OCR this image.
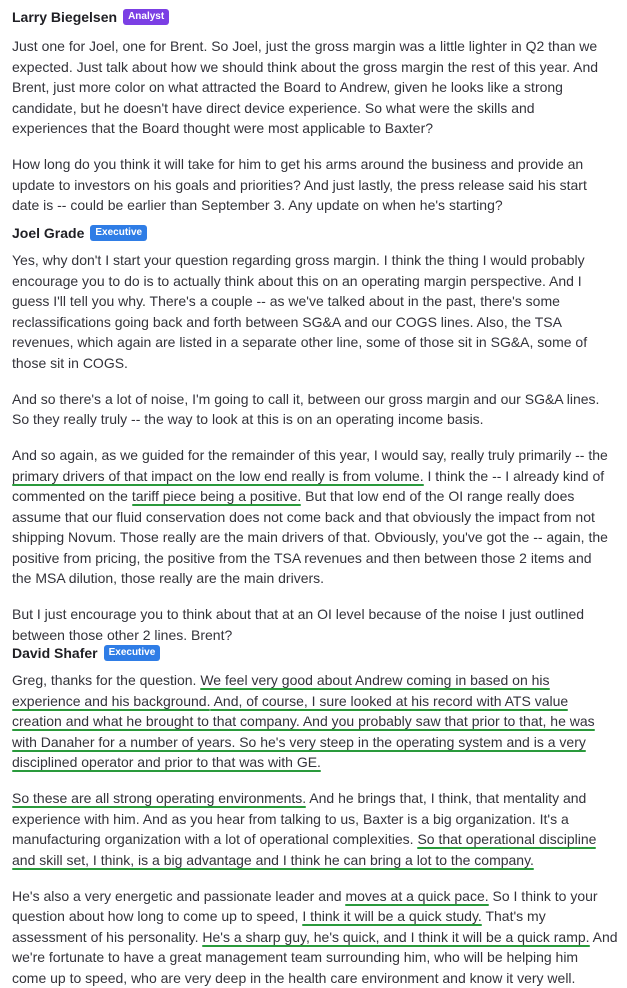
Larry Biegelsen	Analyst

Just one for Joel, one for Brent. So Joel, just the gross margin was a little lighter in Q2 than we
expected. Just talk about how we should think about the gross margin the rest of this year. And
Brent, just more color on what attracted the Board to Andrew, given he looks like a strong
candidate, but he doesn't have direct device experience. So what were the skills and
experiences that the Board thought were most applicable to Baxter?

How long do you think it will take for him to get his arms around the business and provide an
update to investors on his goals and priorities? And just lastly, the press release said his start
date is -- could be earlier than September 3. Any update on when he's starting?

Joel Grade	Executive

Yes, why don't I start your question regarding gross margin. I think the thing I would probably
encourage you to do is to actually think about this on an operating margin perspective. And I
guess I'll tell you why. There's a couple -- as we've talked about in the past, there's some
reclassifications going back and forth between SG&A and our COGS lines. Also, the TSA
revenues, which again are listed in a separate other line, some of those sit in SG&A, some of
those sit in COGS.

And so there's a lot of noise, I'm going to call it, between our gross margin and our SG&A lines.
So they really truly -- the way to look at this is on an operating income basis.

And so again, as we guided for the remainder of this year, I would say, really truly primarily -- the
primary drivers of that impact on the low end really is from volume. I think the -- I already kind of
commented on the tariff piece being a positive. But that low end of the OI range really does
assume that our fluid conservation does not come back and that obviously the impact from not
shipping Novum. Those really are the main drivers of that. Obviously, you've got the -- again, the
positive from pricing, the positive from the TSA revenues and then between those 2 items and
the MSA dilution, those really are the main drivers.

But I just encourage you to think about that at an OI level because of the noise I just outlined
between those other 2 lines. Brent?

David Shafer	Executive

Greg, thanks for the question. We feel very good about Andrew coming in based on his
experience and his background. And, of course, I sure looked at his record with ATS value
creation and what he brought to that company. And you probably saw that prior to that, he was
with Danaher for a number of years. So he's very steep in the operating system and is a very
disciplined operator and prior to that was with GE.

So these are all strong operating environments. And he brings that, I think, that mentality and
experience with him. And as you hear from talking to us, Baxter is a big organization. It's a
manufacturing organization with a lot of operational complexities. So that operational discipline
and skill set, I think, is a big advantage and I think he can bring a lot to the company.

He's also a very energetic and passionate leader and moves at a quick pace. So I think to your
question about how long to come up to speed, I think it will be a quick study. That's my
assessment of his personality. He's a sharp guy, he's quick, and I think it will be a quick ramp. And
we're fortunate to have a great management team surrounding him, who will be helping him
come up to speed, who are very deep in the health care environment and know it very well.
